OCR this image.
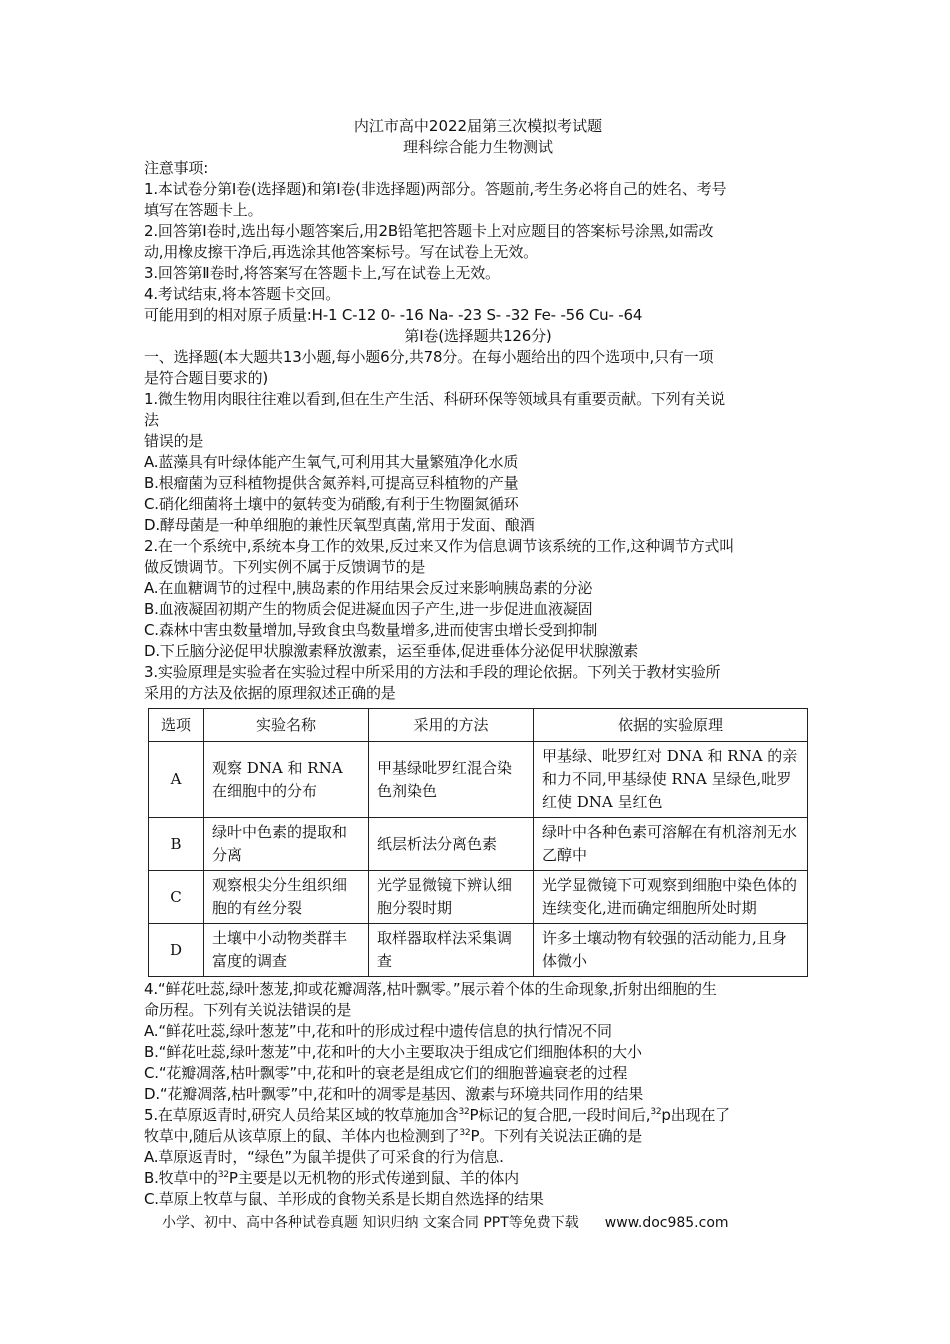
内江市高中2022届第三次模拟考试题
理科综合能力生物测试
注意事项:
1.本试卷分第Ⅰ卷(选择题)和第Ⅰ卷(非选择题)两部分。答题前,考生务必将自己的姓名、考号
填写在答题卡上。
2.回答第Ⅰ卷时,选出每小题答案后,用2B铅笔把答题卡上对应题目的答案标号涂黑,如需改
动,用橡皮擦干净后,再选涂其他答案标号。写在试卷上无效。
3.回答第Ⅱ卷时,将答案写在答题卡上,写在试卷上无效。
4.考试结束,将本答题卡交回。
可能用到的相对原子质量:H-1 C-12 0- -16 Na- -23 S- -32 Fe- -56 Cu- -64
第Ⅰ卷(选择题共126分)
一、选择题(本大题共13小题,每小题6分,共78分。在每小题给出的四个选项中,只有一项
是符合题目要求的)
1.微生物用肉眼往往难以看到,但在生产生活、科研环保等领域具有重要贡献。下列有关说
法
错误的是
A.蓝藻具有叶绿体能产生氧气,可利用其大量繁殖净化水质
B.根瘤菌为豆科植物提供含氮养料,可提高豆科植物的产量
C.硝化细菌将土壤中的氨转变为硝酸,有利于生物圈氮循环
D.酵母菌是一种单细胞的兼性厌氧型真菌,常用于发面、酿酒
2.在一个系统中,系统本身工作的效果,反过来又作为信息调节该系统的工作,这种调节方式叫
做反馈调节。下列实例不属于反馈调节的是
A.在血糖调节的过程中,胰岛素的作用结果会反过来影响胰岛素的分泌
B.血液凝固初期产生的物质会促进凝血因子产生,进一步促进血液凝固
C.森林中害虫数量增加,导致食虫鸟数量增多,进而使害虫增长受到抑制
D.下丘脑分泌促甲状腺激素释放激素，运至垂体,促进垂体分泌促甲状腺激素
3.实验原理是实验者在实验过程中所采用的方法和手段的理论依据。下列关于教材实验所
采用的方法及依据的原理叙述正确的是
选项	实验名称	采用的方法	依据的实验原理
A	观察 DNA 和 RNA 在细胞中的分布	甲基绿吡罗红混合染色剂染色	甲基绿、吡罗红对 DNA 和 RNA 的亲和力不同,甲基绿使 RNA 呈绿色,吡罗红使 DNA 呈红色
B	绿叶中色素的提取和分离	纸层析法分离色素	绿叶中各种色素可溶解在有机溶剂无水乙醇中
C	观察根尖分生组织细胞的有丝分裂	光学显微镜下辨认细胞分裂时期	光学显微镜下可观察到细胞中染色体的连续变化,进而确定细胞所处时期
D	土壤中小动物类群丰富度的调查	取样器取样法采集调查	许多土壤动物有较强的活动能力,且身体微小
4.“鲜花吐蕊,绿叶葱茏,抑或花瓣凋落,枯叶飘零。”展示着个体的生命现象,折射出细胞的生
命历程。下列有关说法错误的是
A.“鲜花吐蕊,绿叶葱茏”中,花和叶的形成过程中遗传信息的执行情况不同
B.“鲜花吐蕊,绿叶葱茏”中,花和叶的大小主要取决于组成它们细胞体积的大小
C.“花瓣凋落,枯叶飘零”中,花和叶的衰老是组成它们的细胞普遍衰老的过程
D.“花瓣凋落,枯叶飘零”中,花和叶的凋零是基因、激素与环境共同作用的结果
5.在草原返青时,研究人员给某区域的牧草施加含$^{32}$P标记的复合肥,一段时间后,$^{32}$p出现在了
牧草中,随后从该草原上的鼠、羊体内也检测到了$^{32}$P。下列有关说法正确的是
A.草原返青时，“绿色”为鼠羊提供了可采食的行为信息.
B.牧草中的$^{32}$P主要是以无机物的形式传递到鼠、羊的体内
C.草原上牧草与鼠、羊形成的食物关系是长期自然选择的结果
小学、初中、高中各种试卷真题 知识归纳 文案合同 PPT等免费下载 www.doc985.com
